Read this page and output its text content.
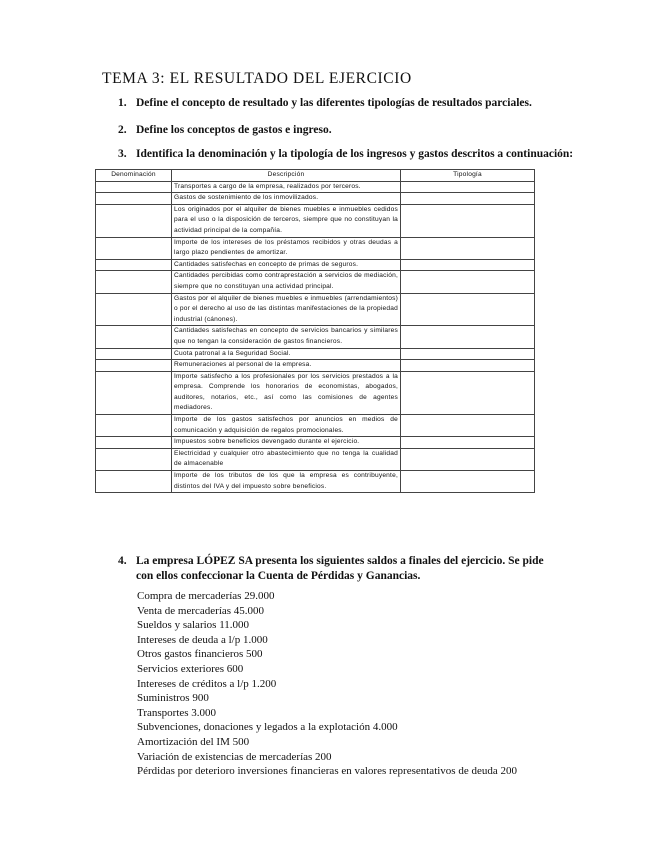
TEMA 3: EL RESULTADO DEL EJERCICIO
1. Define el concepto de resultado y las diferentes tipologías de resultados parciales.
2. Define los conceptos de gastos e ingreso.
3. Identifica la denominación y la tipología de los ingresos y gastos descritos a continuación:
Denominación	Descripción	Tipología
	Transportes a cargo de la empresa, realizados por terceros.	
	Gastos de sostenimiento de los inmovilizados.	
	Los originados por el alquiler de bienes muebles e inmuebles cedidos para el uso o la disposición de terceros, siempre que no constituyan la actividad principal de la compañía.	
	Importe de los intereses de los préstamos recibidos y otras deudas a largo plazo pendientes de amortizar.	
	Cantidades satisfechas en concepto de primas de seguros.	
	Cantidades percibidas como contraprestación a servicios de mediación, siempre que no constituyan una actividad principal.	
	Gastos por el alquiler de bienes muebles e inmuebles (arrendamientos) o por el derecho al uso de las distintas manifestaciones de la propiedad industrial (cánones).	
	Cantidades satisfechas en concepto de servicios bancarios y similares que no tengan la consideración de gastos financieros.	
	Cuota patronal a la Seguridad Social.	
	Remuneraciones al personal de la empresa.	
	Importe satisfecho a los profesionales por los servicios prestados a la empresa. Comprende los honorarios de economistas, abogados, auditores, notarios, etc., así como las comisiones de agentes mediadores.	
	Importe de los gastos satisfechos por anuncios en medios de comunicación y adquisición de regalos promocionales.	
	Impuestos sobre beneficios devengado durante el ejercicio.	
	Electricidad y cualquier otro abastecimiento que no tenga la cualidad de almacenable	
	Importe de los tributos de los que la empresa es contribuyente, distintos del IVA y del impuesto sobre beneficios.	
4. La empresa LÓPEZ SA presenta los siguientes saldos a finales del ejercicio. Se pide con ellos confeccionar la Cuenta de Pérdidas y Ganancias.
Compra de mercaderías 29.000
Venta de mercaderías 45.000
Sueldos y salarios 11.000
Intereses de deuda a l/p 1.000
Otros gastos financieros 500
Servicios exteriores 600
Intereses de créditos a l/p 1.200
Suministros 900
Transportes 3.000
Subvenciones, donaciones y legados a la explotación 4.000
Amortización del IM 500
Variación de existencias de mercaderías 200
Pérdidas por deterioro inversiones financieras en valores representativos de deuda 200
